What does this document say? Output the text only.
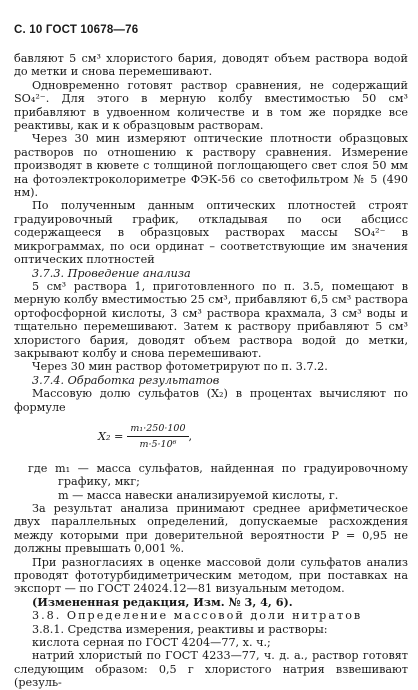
С. 10 ГОСТ 10678—76

бавляют 5 см³ хлористого бария, доводят объем раствора водой до метки и снова перемешивают.

Одновременно готовят раствор сравнения, не содержащий SO₄²⁻. Для этого в мерную колбу вместимостью 50 см³ прибавляют в удвоенном количестве и в том же порядке все реактивы, как и к образцовым растворам.

Через 30 мин измеряют оптические плотности образцовых растворов по отношению к раствору сравнения. Измерение производят в кювете с толщиной поглощающего свет слоя 50 мм на фотоэлектроколориметре ФЭК-56 со светофильтром № 5 (490 нм).

По полученным данным оптических плотностей строят градуировочный график, откладывая по оси абсцисс содержащееся в образцовых растворах массы SO₄²⁻ в микрограммах, по оси ординат – соответствующие им значения оптических плотностей

3.7.3. Проведение анализа

5 см³ раствора 1, приготовленного по п. 3.5, помещают в мерную колбу вместимостью 25 см³, прибавляют 6,5 см³ раствора ортофосфорной кислоты, 3 см³ раствора крахмала, 3 см³ воды и тщательно перемешивают. Затем к раствору прибавляют 5 см³ хлористого бария, доводят объем раствора водой до метки, закрывают колбу и снова перемешивают.

Через 30 мин раствор фотометрируют по п. 3.7.2.

3.7.4. Обработка результатов

Массовую долю сульфатов (X₂) в процентах вычисляют по формуле

$X_2 = \frac{\text{m₁·250·100}}{\text{m·5·10⁶}}$ ,

где m₁ — масса сульфатов, найденная по градуировочному графику, мкг;

m — масса навески анализируемой кислоты, г.

За результат анализа принимают среднее арифметическое двух параллельных определений, допускаемые расхождения между которыми при доверительной вероятности P = 0,95 не должны превышать 0,001 %.

При разногласиях в оценке массовой доли сульфатов анализ проводят фототурбидиметрическим методом, при поставках на экспорт — по ГОСТ 24024.12—81 визуальным методом.

(Измененная редакция, Изм. № 3, 4, 6).

3.8. Определение массовой доли нитратов

3.8.1. Средства измерения, реактивы и растворы:

кислота серная по ГОСТ 4204—77, х. ч.;

натрий хлористый по ГОСТ 4233—77, ч. д. а., раствор готовят следующим образом: 0,5 г хлористого натрия взвешивают (резуль-
